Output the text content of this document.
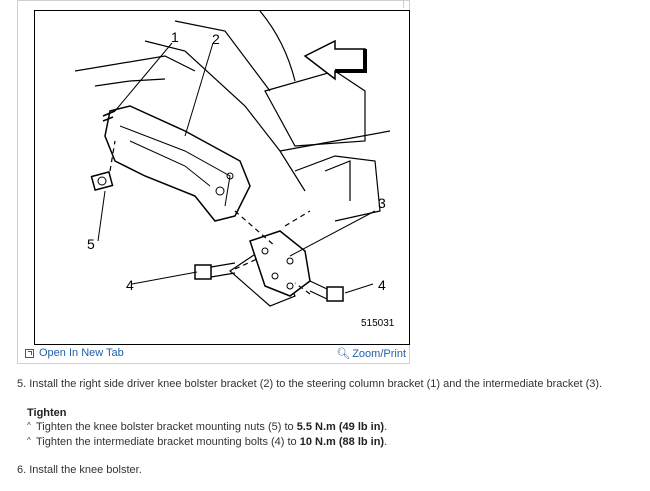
1 2
3
4	4
5
515031
Open In New Tab	🔍︎ Zoom/Print
5. Install the right side driver knee bolster bracket (2) to the steering column bracket (1) and the intermediate bracket (3).
Tighten
^ Tighten the knee bolster bracket mounting nuts (5) to 5.5 N.m (49 lb in).
^ Tighten the intermediate bracket mounting bolts (4) to 10 N.m (88 lb in).
6. Install the knee bolster.
